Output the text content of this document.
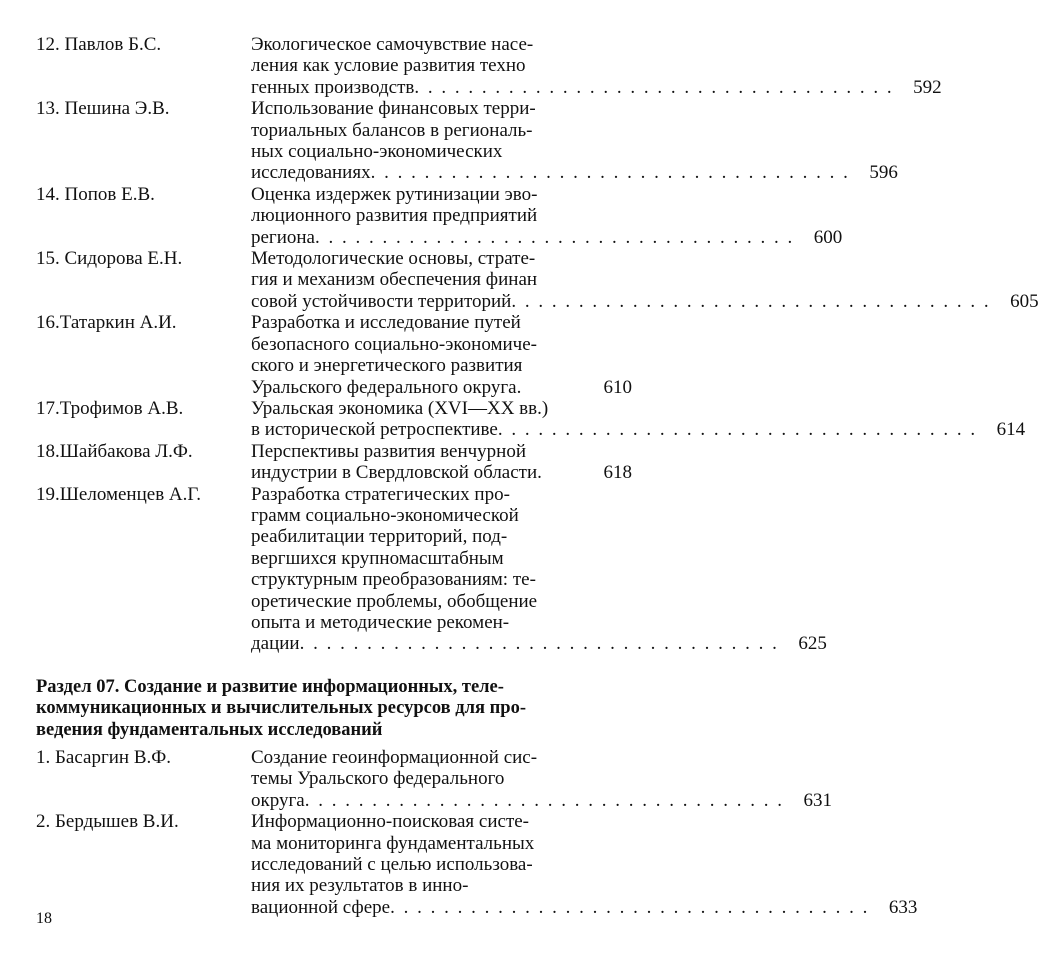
12. Павлов Б.С.	Экологическое самочувствие насе-
ления как условие развития техно
генных производств . . .	592
13. Пешина Э.В.	Использование финансовых терри-
ториальных балансов в региональ-
ных социально-экономических
исследованиях . . .	596
14. Попов Е.В.	Оценка издержек рутинизации эво-
люционного развития предприятий
региона . . .	600
15. Сидорова Е.Н.	Методологические основы, страте-
гия и механизм обеспечения финан
совой устойчивости территорий . . .	605
16.Татаркин А.И.	Разработка и исследование путей
безопасного социально-экономиче-
ского и энергетического развития
Уральского федерального округа.	610
17.Трофимов А.В.	Уральская экономика (XVI—XX вв.)
в исторической ретроспективе . . .	614
18.Шайбакова Л.Ф.	Перспективы развития венчурной
индустрии в Свердловской области.	618
19.Шеломенцев А.Г.	Разработка стратегических про-
грамм социально-экономической
реабилитации территорий, под-
вергшихся крупномасштабным
структурным преобразованиям: те-
оретические проблемы, обобщение
опыта и методические рекомен-
дации . . .	625
Раздел 07. Создание и развитие информационных, теле-
коммуникационных и вычислительных ресурсов для про-
ведения фундаментальных исследований
1. Басаргин В.Ф.	Создание геоинформационной сис-
темы Уральского федерального
округа . . .	631
2. Бердышев В.И.	Информационно-поисковая систе-
ма мониторинга фундаментальных
исследований с целью использова-
ния их результатов в инно-
вационной сфере . . .	633
18
